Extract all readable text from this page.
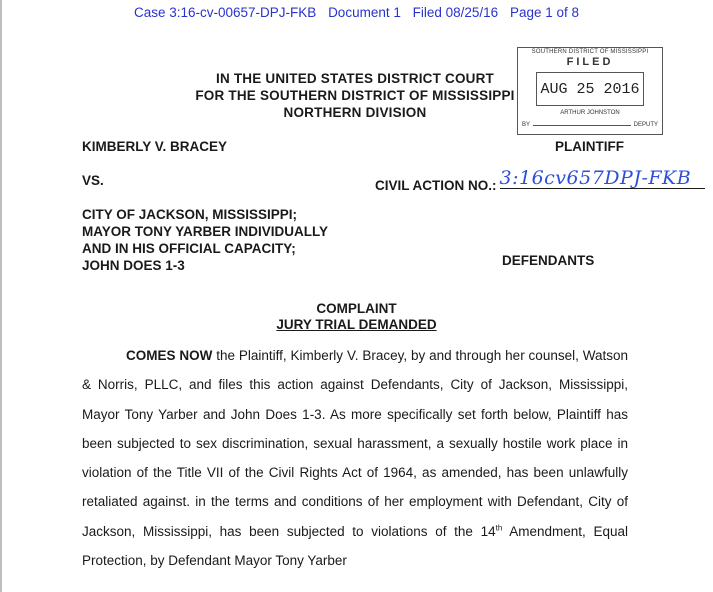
Case 3:16-cv-00657-DPJ-FKB Document 1 Filed 08/25/16 Page 1 of 8
SOUTHERN DISTRICT OF MISSISSIPPI
FILED
AUG 25 2016
ARTHUR JOHNSTON
BY	DEPUTY
IN THE UNITED STATES DISTRICT COURT
FOR THE SOUTHERN DISTRICT OF MISSISSIPPI
NORTHERN DIVISION
KIMBERLY V. BRACEY	PLAINTIFF
VS.	CIVIL ACTION NO.: 3:16cv657DPJ-FKB
CITY OF JACKSON, MISSISSIPPI;
MAYOR TONY YARBER INDIVIDUALLY
AND IN HIS OFFICIAL CAPACITY;
JOHN DOES 1-3	DEFENDANTS
COMPLAINT
JURY TRIAL DEMANDED

COMES NOW the Plaintiff, Kimberly V. Bracey, by and through her counsel, Watson & Norris, PLLC, and files this action against Defendants, City of Jackson, Mississippi, Mayor Tony Yarber and John Does 1-3. As more specifically set forth below, Plaintiff has been subjected to sex discrimination, sexual harassment, a sexually hostile work place in violation of the Title VII of the Civil Rights Act of 1964, as amended, has been unlawfully retaliated against. in the terms and conditions of her employment with Defendant, City of Jackson, Mississippi, has been subjected to violations of the 14th Amendment, Equal Protection, by Defendant Mayor Tony Yarber
